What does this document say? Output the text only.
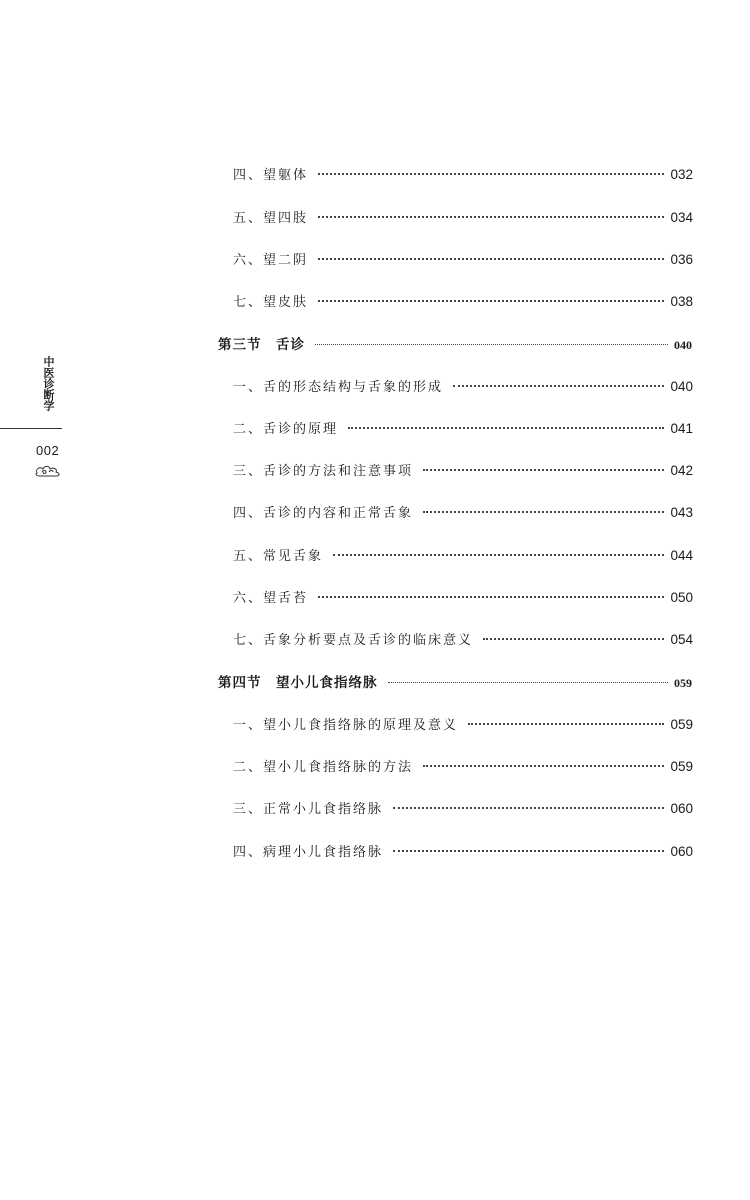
中医诊断学
002
四、望躯体	032
五、望四肢	034
六、望二阴	036
七、望皮肤	038
第三节　舌诊	040
一、舌的形态结构与舌象的形成	040
二、舌诊的原理	041
三、舌诊的方法和注意事项	042
四、舌诊的内容和正常舌象	043
五、常见舌象	044
六、望舌苔	050
七、舌象分析要点及舌诊的临床意义	054
第四节　望小儿食指络脉	059
一、望小儿食指络脉的原理及意义	059
二、望小儿食指络脉的方法	059
三、正常小儿食指络脉	060
四、病理小儿食指络脉	060
